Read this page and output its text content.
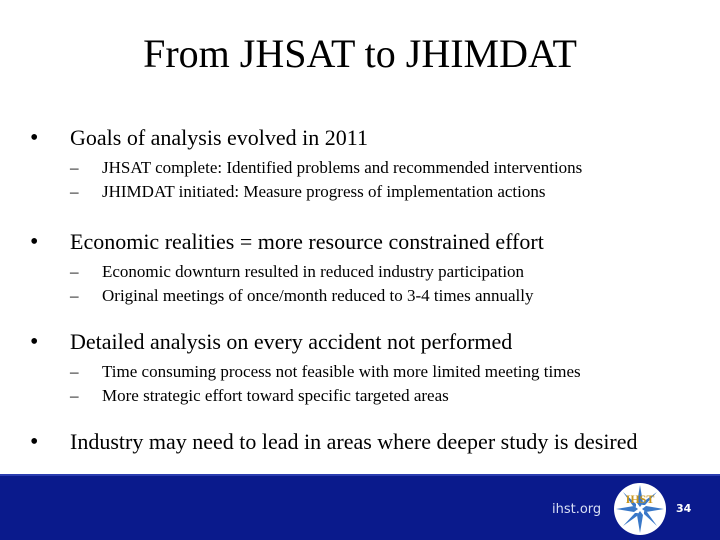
From JHSAT to JHIMDAT
• Goals of analysis evolved in 2011
– JHSAT complete: Identified problems and recommended interventions
– JHIMDAT initiated: Measure progress of implementation actions
• Economic realities = more resource constrained effort
– Economic downturn resulted in reduced industry participation
– Original meetings of once/month reduced to 3-4 times annually
• Detailed analysis on every accident not performed
– Time consuming process not feasible with more limited meeting times
– More strategic effort toward specific targeted areas
• Industry may need to lead in areas where deeper study is desired
ihst.org
IHST
34
